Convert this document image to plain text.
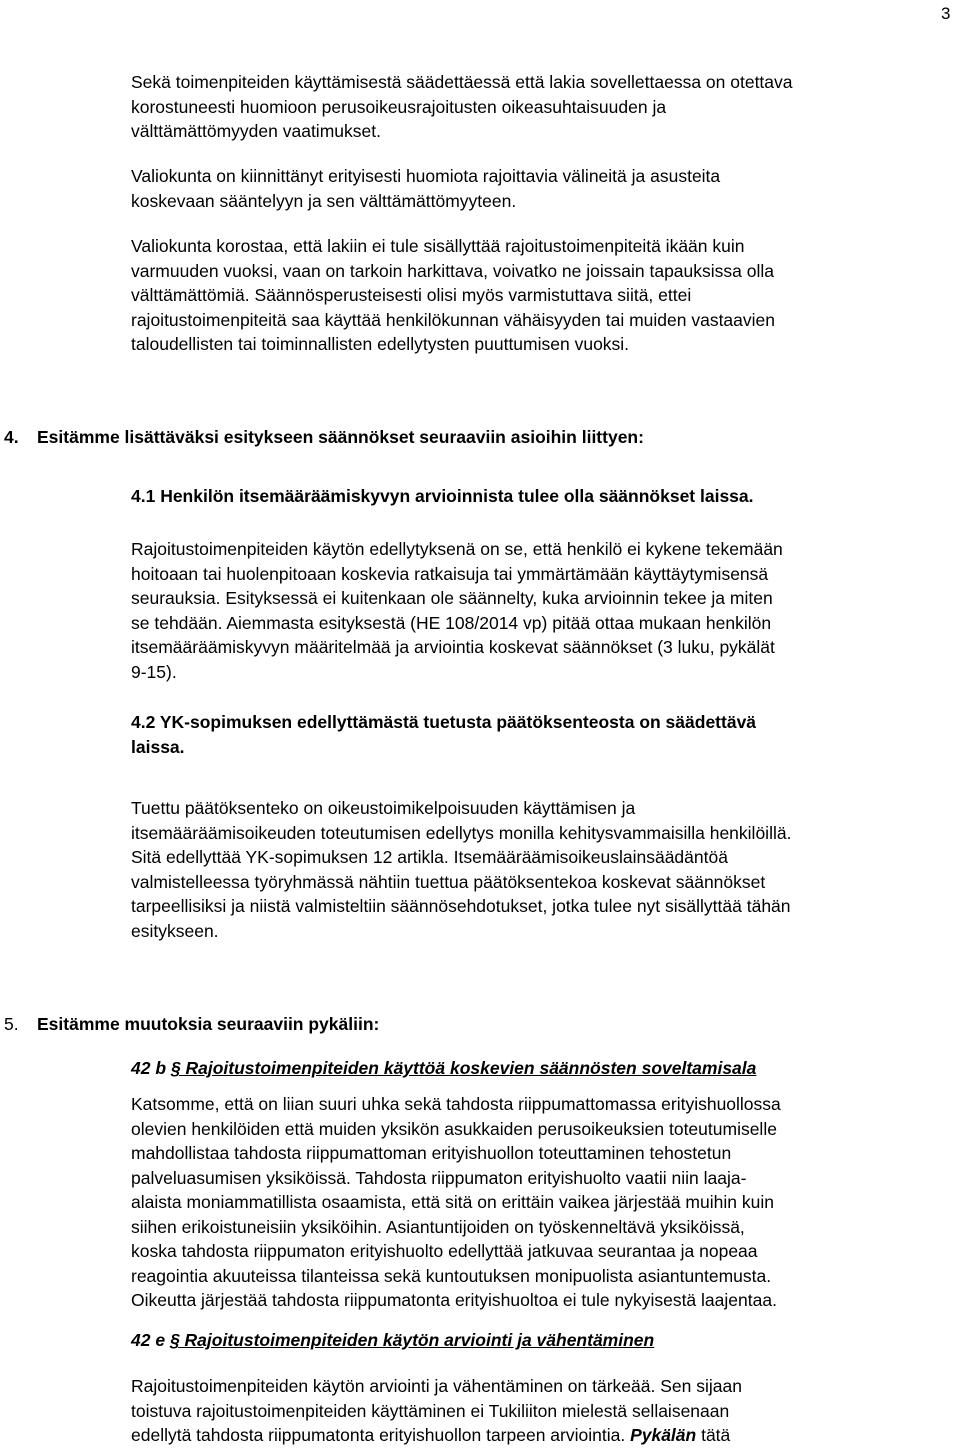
3
Sekä toimenpiteiden käyttämisestä säädettäessä että lakia sovellettaessa on otettava
korostuneesti huomioon perusoikeusrajoitusten oikeasuhtaisuuden ja
välttämättömyyden vaatimukset.
Valiokunta on kiinnittänyt erityisesti huomiota rajoittavia välineitä ja asusteita
koskevaan sääntelyyn ja sen välttämättömyyteen.
Valiokunta korostaa, että lakiin ei tule sisällyttää rajoitustoimenpiteitä ikään kuin
varmuuden vuoksi, vaan on tarkoin harkittava, voivatko ne joissain tapauksissa olla
välttämättömiä. Säännösperusteisesti olisi myös varmistuttava siitä, ettei
rajoitustoimenpiteitä saa käyttää henkilökunnan vähäisyyden tai muiden vastaavien
taloudellisten tai toiminnallisten edellytysten puuttumisen vuoksi.
4. Esitämme lisättäväksi esitykseen säännökset seuraaviin asioihin liittyen:
4.1 Henkilön itsemääräämiskyvyn arvioinnista tulee olla säännökset laissa.
Rajoitustoimenpiteiden käytön edellytyksenä on se, että henkilö ei kykene tekemään
hoitoaan tai huolenpitoaan koskevia ratkaisuja tai ymmärtämään käyttäytymisensä
seurauksia. Esityksessä ei kuitenkaan ole säännelty, kuka arvioinnin tekee ja miten
se tehdään. Aiemmasta esityksestä (HE 108/2014 vp) pitää ottaa mukaan henkilön
itsemääräämiskyvyn määritelmää ja arviointia koskevat säännökset (3 luku, pykälät
9-15).
4.2 YK-sopimuksen edellyttämästä tuetusta päätöksenteosta on säädettävä
laissa.
Tuettu päätöksenteko on oikeustoimikelpoisuuden käyttämisen ja
itsemääräämisoikeuden toteutumisen edellytys monilla kehitysvammaisilla henkilöillä.
Sitä edellyttää YK-sopimuksen 12 artikla. Itsemääräämisoikeuslainsäädäntöä
valmistelleessa työryhmässä nähtiin tuettua päätöksentekoa koskevat säännökset
tarpeellisiksi ja niistä valmisteltiin säännösehdotukset, jotka tulee nyt sisällyttää tähän
esitykseen.
5. Esitämme muutoksia seuraaviin pykäliin:
42 b § Rajoitustoimenpiteiden käyttöä koskevien säännösten soveltamisala
Katsomme, että on liian suuri uhka sekä tahdosta riippumattomassa erityishuollossa
olevien henkilöiden että muiden yksikön asukkaiden perusoikeuksien toteutumiselle
mahdollistaa tahdosta riippumattoman erityishuollon toteuttaminen tehostetun
palveluasumisen yksiköissä. Tahdosta riippumaton erityishuolto vaatii niin laaja-
alaista moniammatillista osaamista, että sitä on erittäin vaikea järjestää muihin kuin
siihen erikoistuneisiin yksiköihin. Asiantuntijoiden on työskenneltävä yksiköissä,
koska tahdosta riippumaton erityishuolto edellyttää jatkuvaa seurantaa ja nopeaa
reagointia akuuteissa tilanteissa sekä kuntoutuksen monipuolista asiantuntemusta.
Oikeutta järjestää tahdosta riippumatonta erityishuoltoa ei tule nykyisestä laajentaa.
42 e § Rajoitustoimenpiteiden käytön arviointi ja vähentäminen
Rajoitustoimenpiteiden käytön arviointi ja vähentäminen on tärkeää. Sen sijaan
toistuva rajoitustoimenpiteiden käyttäminen ei Tukiliiton mielestä sellaisenaan
edellytä tahdosta riippumatonta erityishuollon tarpeen arviointia. Pykälän tätä
